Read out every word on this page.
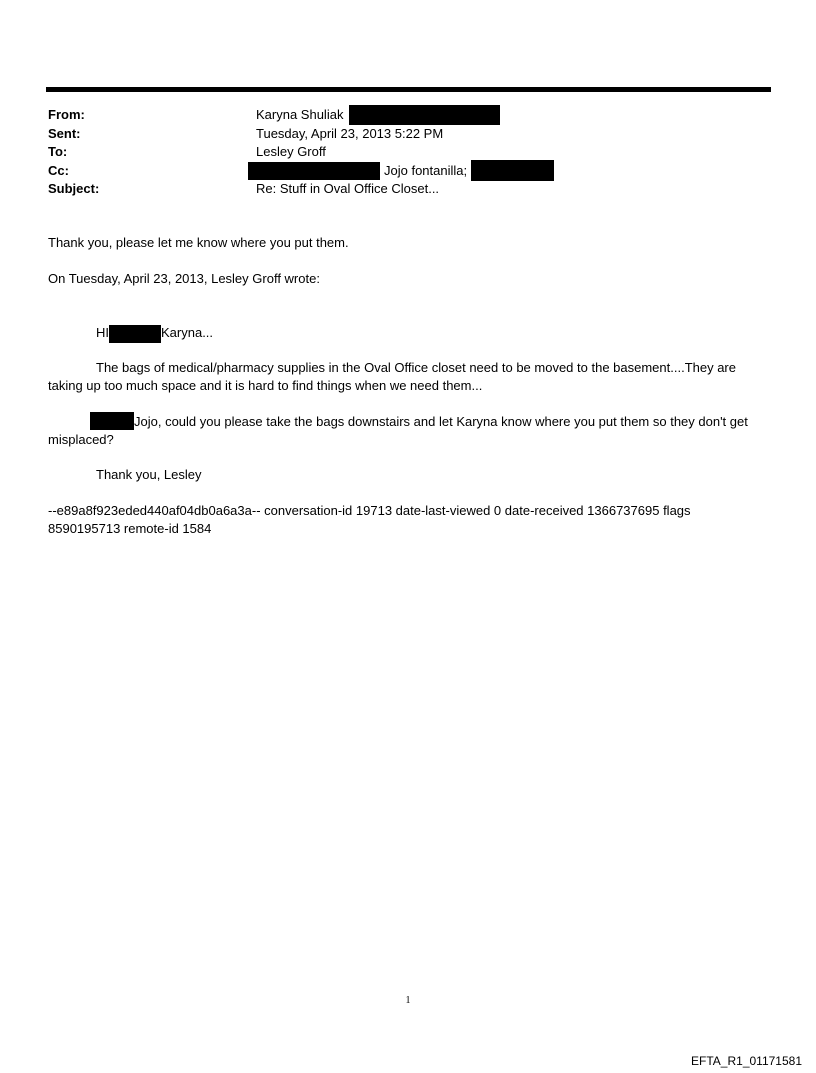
From:	Karyna Shuliak
Sent:	Tuesday, April 23, 2013 5:22 PM
To:	Lesley Groff
Cc:	Jojo fontanilla;
Subject:	Re: Stuff in Oval Office Closet...
Thank you, please let me know where you put them.
On Tuesday, April 23, 2013, Lesley Groff wrote:
HI	Karyna...
The bags of medical/pharmacy supplies in the Oval Office closet need to be moved to the basement....They are taking up too much space and it is hard to find things when we need them...
Jojo, could you please take the bags downstairs and let Karyna know where you put them so they don't get misplaced?
Thank you, Lesley
--e89a8f923eded440af04db0a6a3a-- conversation-id 19713 date-last-viewed 0 date-received 1366737695 flags 8590195713 remote-id 1584
1
EFTA_R1_01171581
